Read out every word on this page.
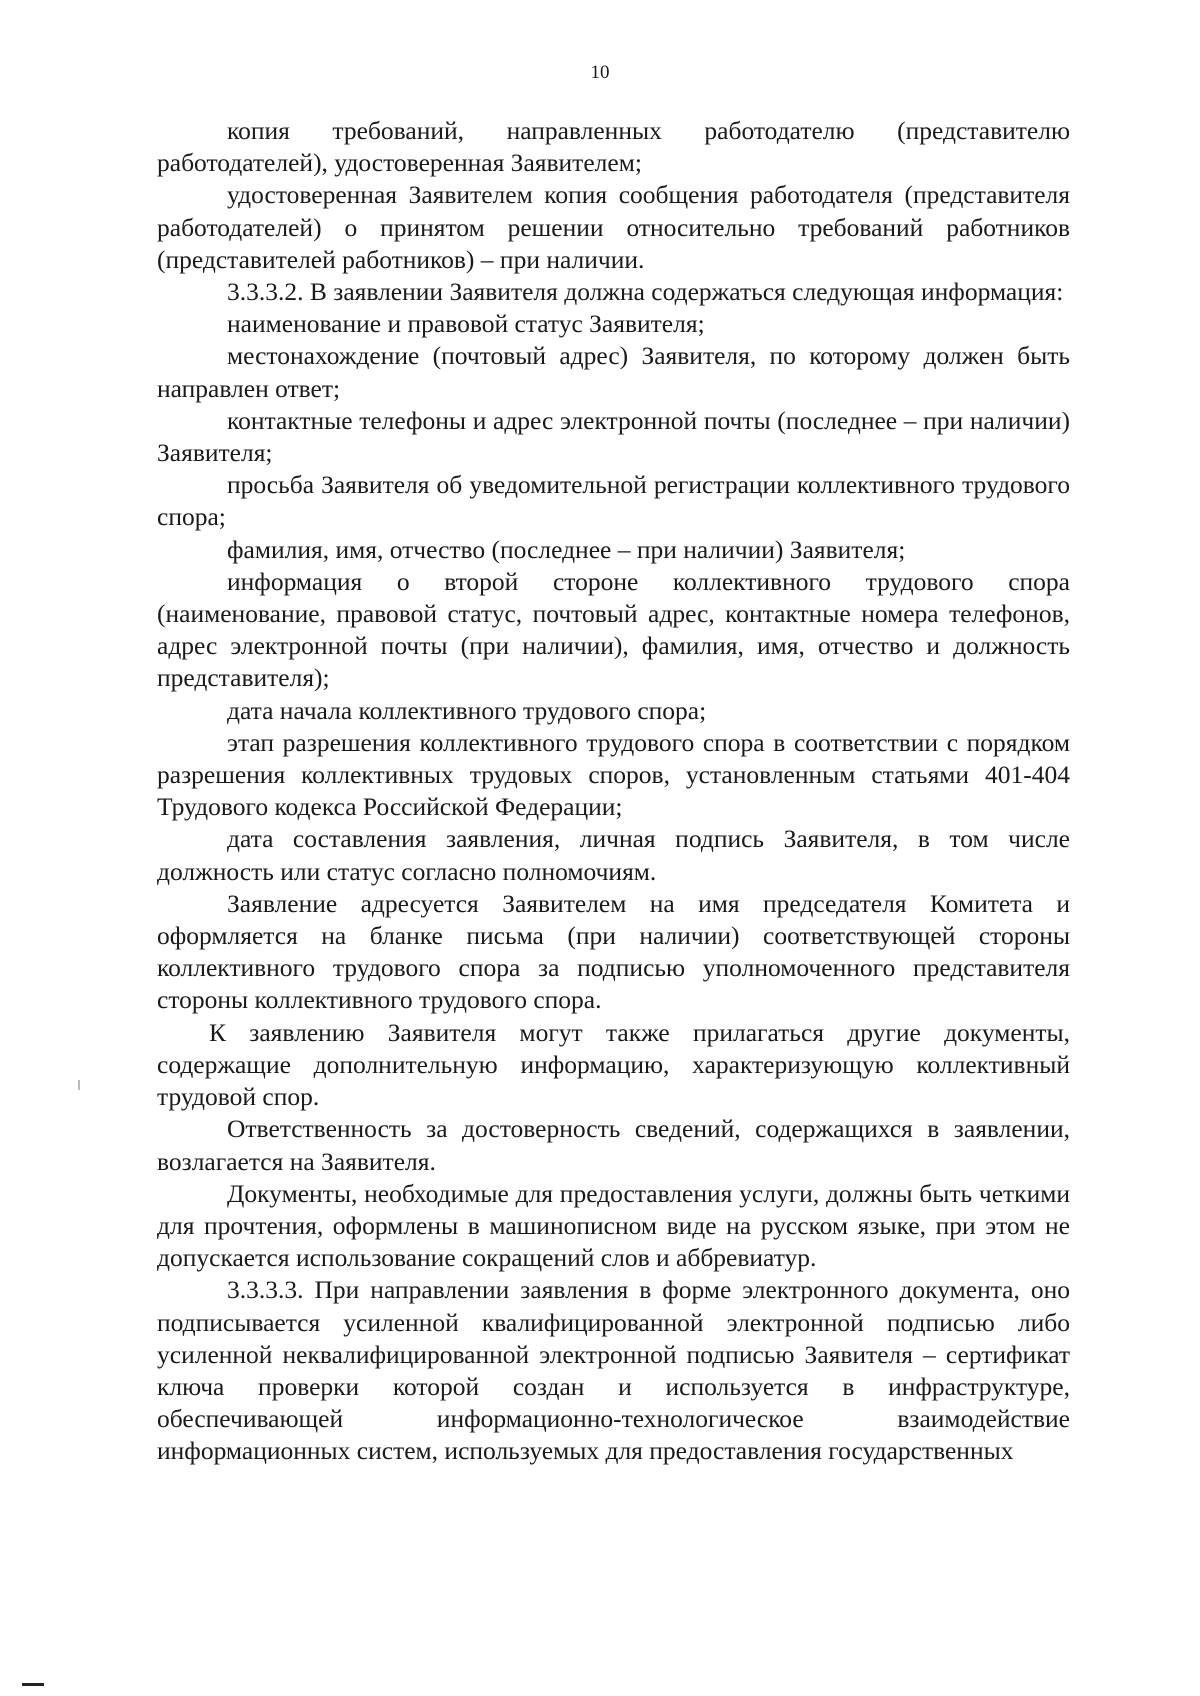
10

копия требований, направленных работодателю (представителю работодателей), удостоверенная Заявителем;

удостоверенная Заявителем копия сообщения работодателя (представителя работодателей) о принятом решении относительно требований работников (представителей работников) – при наличии.

3.3.3.2. В заявлении Заявителя должна содержаться следующая информация:

наименование и правовой статус Заявителя;

местонахождение (почтовый адрес) Заявителя, по которому должен быть направлен ответ;

контактные телефоны и адрес электронной почты (последнее – при наличии) Заявителя;

просьба Заявителя об уведомительной регистрации коллективного трудового спора;

фамилия, имя, отчество (последнее – при наличии) Заявителя;

информация о второй стороне коллективного трудового спора (наименование, правовой статус, почтовый адрес, контактные номера телефонов, адрес электронной почты (при наличии), фамилия, имя, отчество и должность представителя);

дата начала коллективного трудового спора;

этап разрешения коллективного трудового спора в соответствии с порядком разрешения коллективных трудовых споров, установленным статьями 401-404 Трудового кодекса Российской Федерации;

дата составления заявления, личная подпись Заявителя, в том числе должность или статус согласно полномочиям.

Заявление адресуется Заявителем на имя председателя Комитета и оформляется на бланке письма (при наличии) соответствующей стороны коллективного трудового спора за подписью уполномоченного представителя стороны коллективного трудового спора.

К заявлению Заявителя могут также прилагаться другие документы, содержащие дополнительную информацию, характеризующую коллективный трудовой спор.

Ответственность за достоверность сведений, содержащихся в заявлении, возлагается на Заявителя.

Документы, необходимые для предоставления услуги, должны быть четкими для прочтения, оформлены в машинописном виде на русском языке, при этом не допускается использование сокращений слов и аббревиатур.

3.3.3.3. При направлении заявления в форме электронного документа, оно подписывается усиленной квалифицированной электронной подписью либо усиленной неквалифицированной электронной подписью Заявителя – сертификат ключа проверки которой создан и используется в инфраструктуре, обеспечивающей информационно-технологическое взаимодействие информационных систем, используемых для предоставления государственных
